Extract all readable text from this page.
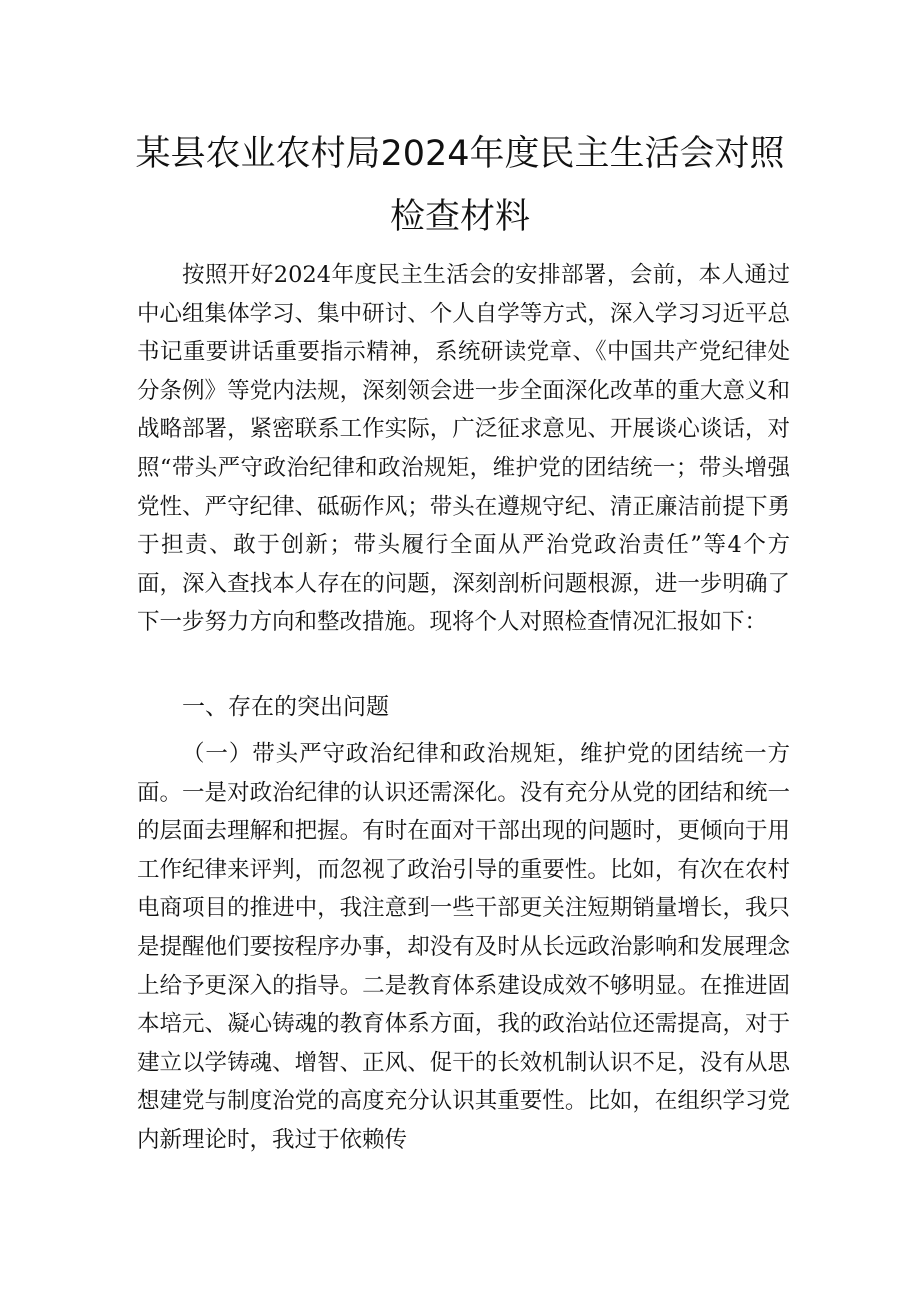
某县农业农村局2024年度民主生活会对照
检查材料

按照开好2024年度民主生活会的安排部署，会前，本人通过中心组集体学习、集中研讨、个人自学等方式，深入学习习近平总书记重要讲话重要指示精神，系统研读党章、《中国共产党纪律处分条例》等党内法规，深刻领会进一步全面深化改革的重大意义和战略部署，紧密联系工作实际，广泛征求意见、开展谈心谈话，对照“带头严守政治纪律和政治规矩，维护党的团结统一；带头增强党性、严守纪律、砥砺作风；带头在遵规守纪、清正廉洁前提下勇于担责、敢于创新；带头履行全面从严治党政治责任”等4个方面，深入查找本人存在的问题，深刻剖析问题根源，进一步明确了下一步努力方向和整改措施。现将个人对照检查情况汇报如下：

一、存在的突出问题

（一）带头严守政治纪律和政治规矩，维护党的团结统一方面。一是对政治纪律的认识还需深化。没有充分从党的团结和统一的层面去理解和把握。有时在面对干部出现的问题时，更倾向于用工作纪律来评判，而忽视了政治引导的重要性。比如，有次在农村电商项目的推进中，我注意到一些干部更关注短期销量增长，我只是提醒他们要按程序办事，却没有及时从长远政治影响和发展理念上给予更深入的指导。二是教育体系建设成效不够明显。在推进固本培元、凝心铸魂的教育体系方面，我的政治站位还需提高，对于建立以学铸魂、增智、正风、促干的长效机制认识不足，没有从思想建党与制度治党的高度充分认识其重要性。比如，在组织学习党内新理论时，我过于依赖传
